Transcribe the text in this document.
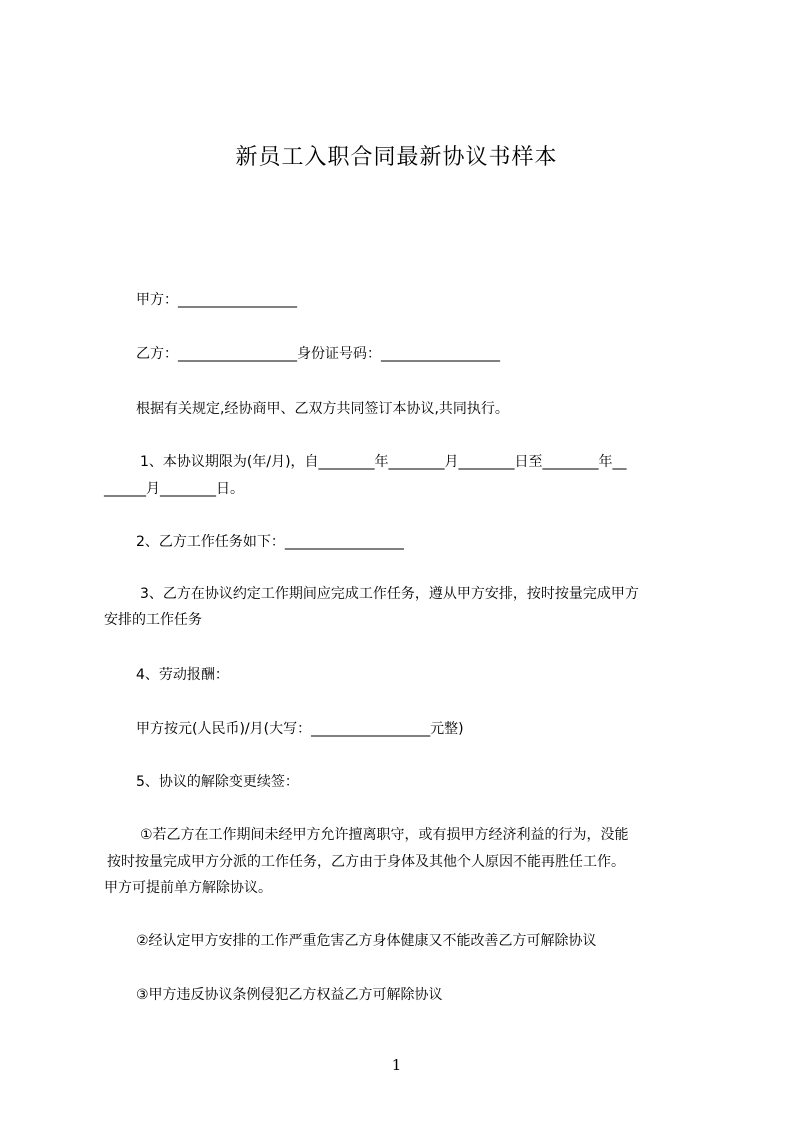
新员工入职合同最新协议书样本
甲方：_________________
乙方：_________________身份证号码：_________________
根据有关规定,经协商甲、乙双方共同签订本协议,共同执行。
1、本协议期限为(年/月)，自________年________月________日至________年__
______月________日。
2、乙方工作任务如下：_________________
3、乙方在协议约定工作期间应完成工作任务，遵从甲方安排，按时按量完成甲方
安排的工作任务
4、劳动报酬：
甲方按元(人民币)/月(大写：_________________元整)
5、协议的解除变更续签：
①若乙方在工作期间未经甲方允许擅离职守，或有损甲方经济利益的行为，没能
按时按量完成甲方分派的工作任务，乙方由于身体及其他个人原因不能再胜任工作。
甲方可提前单方解除协议。
②经认定甲方安排的工作严重危害乙方身体健康又不能改善乙方可解除协议
③甲方违反协议条例侵犯乙方权益乙方可解除协议
1
